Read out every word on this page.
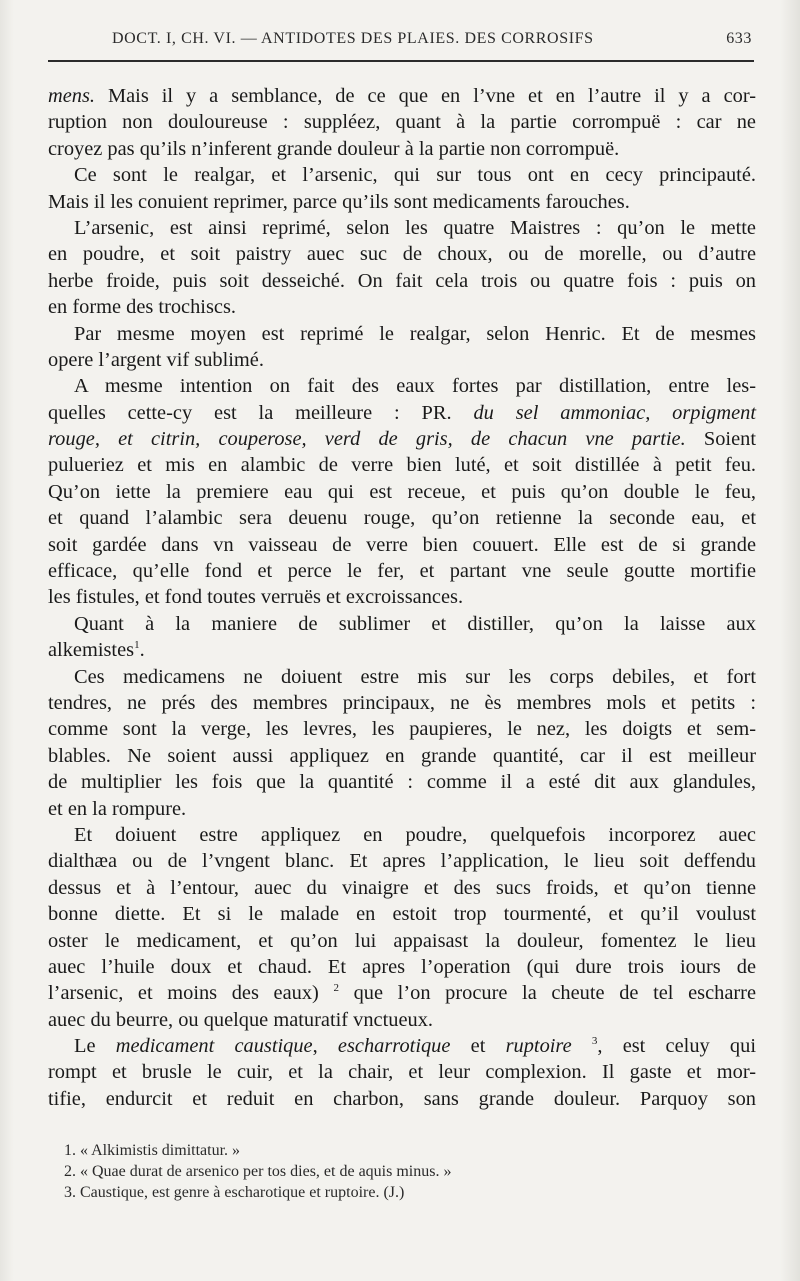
DOCT. I, CH. VI. — ANTIDOTES DES PLAIES. DES CORROSIFS	633
mens. Mais il y a semblance, de ce que en l’vne et en l’autre il y a cor-
ruption non douloureuse : suppléez, quant à la partie corrompuë : car ne
croyez pas qu’ils n’inferent grande douleur à la partie non corrompuë.
Ce sont le realgar, et l’arsenic, qui sur tous ont en cecy principauté.
Mais il les conuient reprimer, parce qu’ils sont medicaments farouches.
L’arsenic, est ainsi reprimé, selon les quatre Maistres : qu’on le mette
en poudre, et soit paistry auec suc de choux, ou de morelle, ou d’autre
herbe froide, puis soit desseiché. On fait cela trois ou quatre fois : puis on
en forme des trochiscs.
Par mesme moyen est reprimé le realgar, selon Henric. Et de mesmes
opere l’argent vif sublimé.
A mesme intention on fait des eaux fortes par distillation, entre les-
quelles cette-cy est la meilleure : PR. du sel ammoniac, orpigment
rouge, et citrin, couperose, verd de gris, de chacun vne partie. Soient
pulueriez et mis en alambic de verre bien luté, et soit distillée à petit feu.
Qu’on iette la premiere eau qui est receue, et puis qu’on double le feu,
et quand l’alambic sera deuenu rouge, qu’on retienne la seconde eau, et
soit gardée dans vn vaisseau de verre bien couuert. Elle est de si grande
efficace, qu’elle fond et perce le fer, et partant vne seule goutte mortifie
les fistules, et fond toutes verruës et excroissances.
Quant à la maniere de sublimer et distiller, qu’on la laisse aux
alkemistes$^1$.
Ces medicamens ne doiuent estre mis sur les corps debiles, et fort
tendres, ne prés des membres principaux, ne ès membres mols et petits :
comme sont la verge, les levres, les paupieres, le nez, les doigts et sem-
blables. Ne soient aussi appliquez en grande quantité, car il est meilleur
de multiplier les fois que la quantité : comme il a esté dit aux glandules,
et en la rompure.
Et doiuent estre appliquez en poudre, quelquefois incorporez auec
dialthæa ou de l’vngent blanc. Et apres l’application, le lieu soit deffendu
dessus et à l’entour, auec du vinaigre et des sucs froids, et qu’on tienne
bonne diette. Et si le malade en estoit trop tourmenté, et qu’il voulust
oster le medicament, et qu’on lui appaisast la douleur, fomentez le lieu
auec l’huile doux et chaud. Et apres l’operation (qui dure trois iours de
l’arsenic, et moins des eaux) $^2$ que l’on procure la cheute de tel escharre
auec du beurre, ou quelque maturatif vnctueux.
Le medicament caustique, escharrotique et ruptoire $^3$, est celuy qui
rompt et brusle le cuir, et la chair, et leur complexion. Il gaste et mor-
tifie, endurcit et reduit en charbon, sans grande douleur. Parquoy son
1. « Alkimistis dimittatur. »
2. « Quae durat de arsenico per tos dies, et de aquis minus. »
3. Caustique, est genre à escharotique et ruptoire. (J.)
